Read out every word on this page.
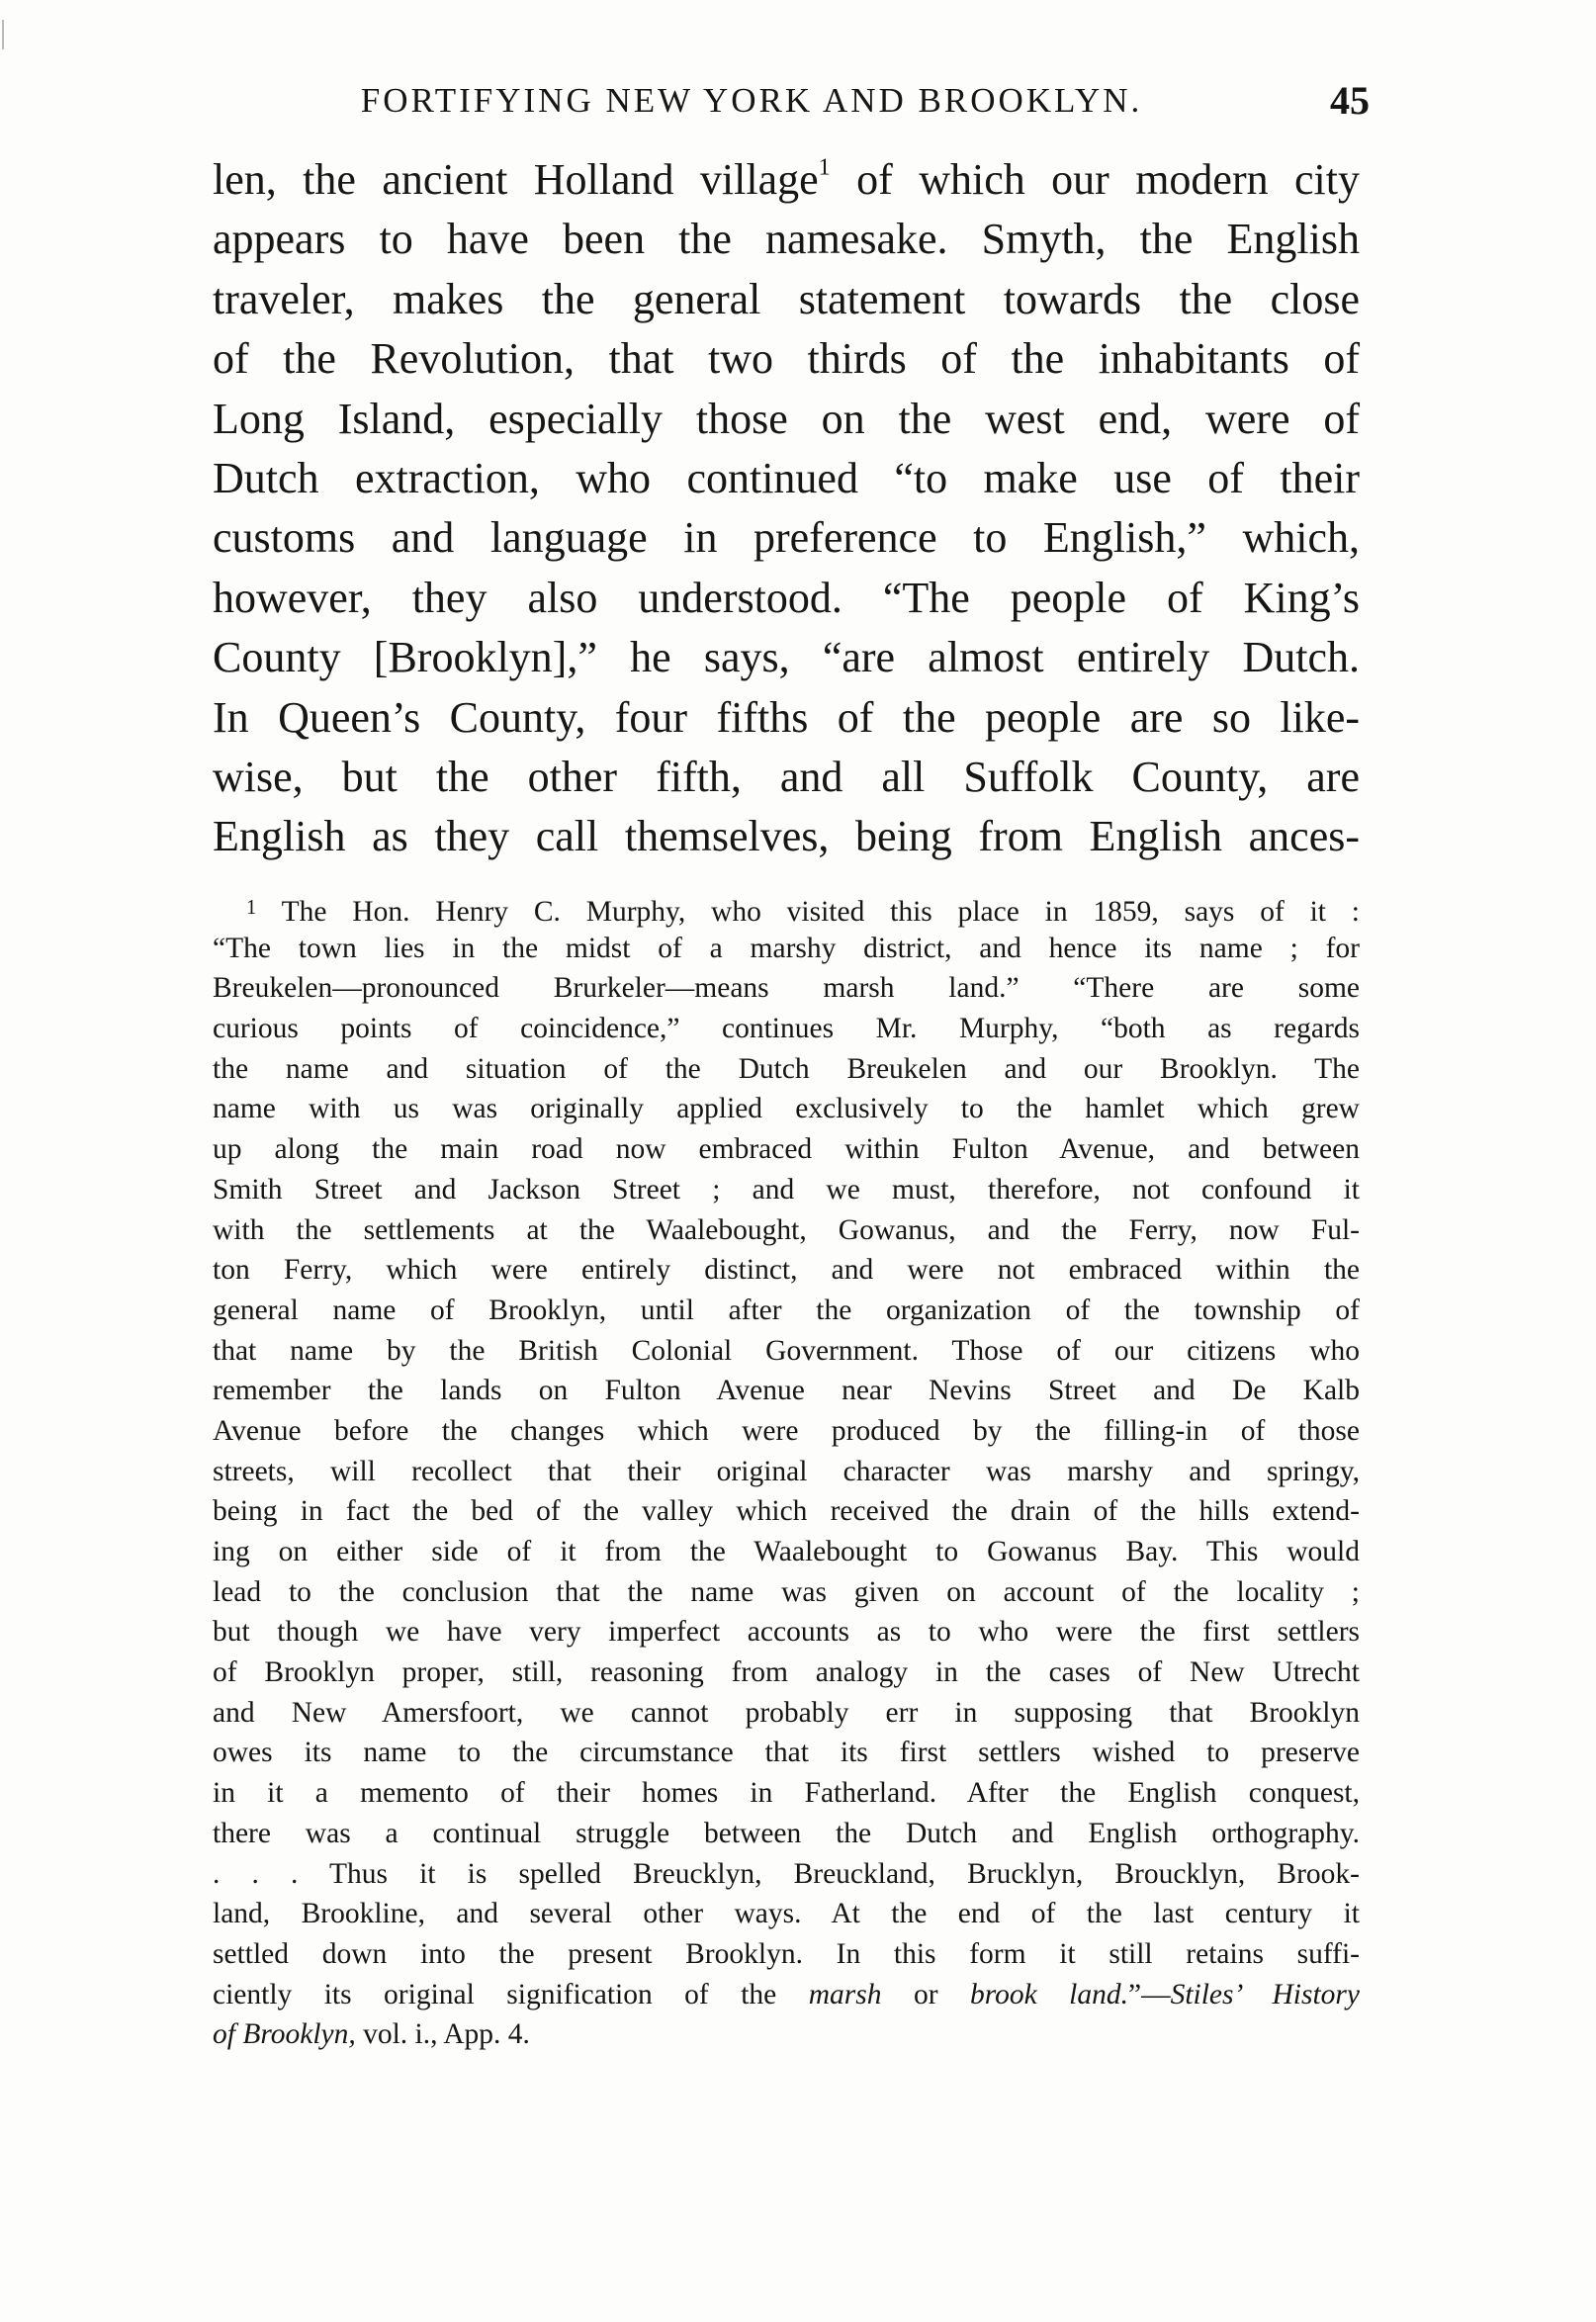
FORTIFYING NEW YORK AND BROOKLYN.	45
len, the ancient Holland village$^1$ of which our modern city
appears to have been the namesake. Smyth, the English
traveler, makes the general statement towards the close
of the Revolution, that two thirds of the inhabitants of
Long Island, especially those on the west end, were of
Dutch extraction, who continued “to make use of their
customs and language in preference to English,” which,
however, they also understood. “The people of King’s
County [Brooklyn],” he says, “are almost entirely Dutch.
In Queen’s County, four fifths of the people are so like-
wise, but the other fifth, and all Suffolk County, are
English as they call themselves, being from English ances-
$^1$ The Hon. Henry C. Murphy, who visited this place in 1859, says of it :
“The town lies in the midst of a marshy district, and hence its name ; for
Breukelen—pronounced Brurkeler—means marsh land.” “There are some
curious points of coincidence,” continues Mr. Murphy, “both as regards
the name and situation of the Dutch Breukelen and our Brooklyn. The
name with us was originally applied exclusively to the hamlet which grew
up along the main road now embraced within Fulton Avenue, and between
Smith Street and Jackson Street ; and we must, therefore, not confound it
with the settlements at the Waalebought, Gowanus, and the Ferry, now Ful-
ton Ferry, which were entirely distinct, and were not embraced within the
general name of Brooklyn, until after the organization of the township of
that name by the British Colonial Government. Those of our citizens who
remember the lands on Fulton Avenue near Nevins Street and De Kalb
Avenue before the changes which were produced by the filling-in of those
streets, will recollect that their original character was marshy and springy,
being in fact the bed of the valley which received the drain of the hills extend-
ing on either side of it from the Waalebought to Gowanus Bay. This would
lead to the conclusion that the name was given on account of the locality ;
but though we have very imperfect accounts as to who were the first settlers
of Brooklyn proper, still, reasoning from analogy in the cases of New Utrecht
and New Amersfoort, we cannot probably err in supposing that Brooklyn
owes its name to the circumstance that its first settlers wished to preserve
in it a memento of their homes in Fatherland. After the English conquest,
there was a continual struggle between the Dutch and English orthography.
. . . Thus it is spelled Breucklyn, Breuckland, Brucklyn, Broucklyn, Brook-
land, Brookline, and several other ways. At the end of the last century it
settled down into the present Brooklyn. In this form it still retains suffi-
ciently its original signification of the marsh or brook land.”—Stiles’ History
of Brooklyn, vol. i., App. 4.
